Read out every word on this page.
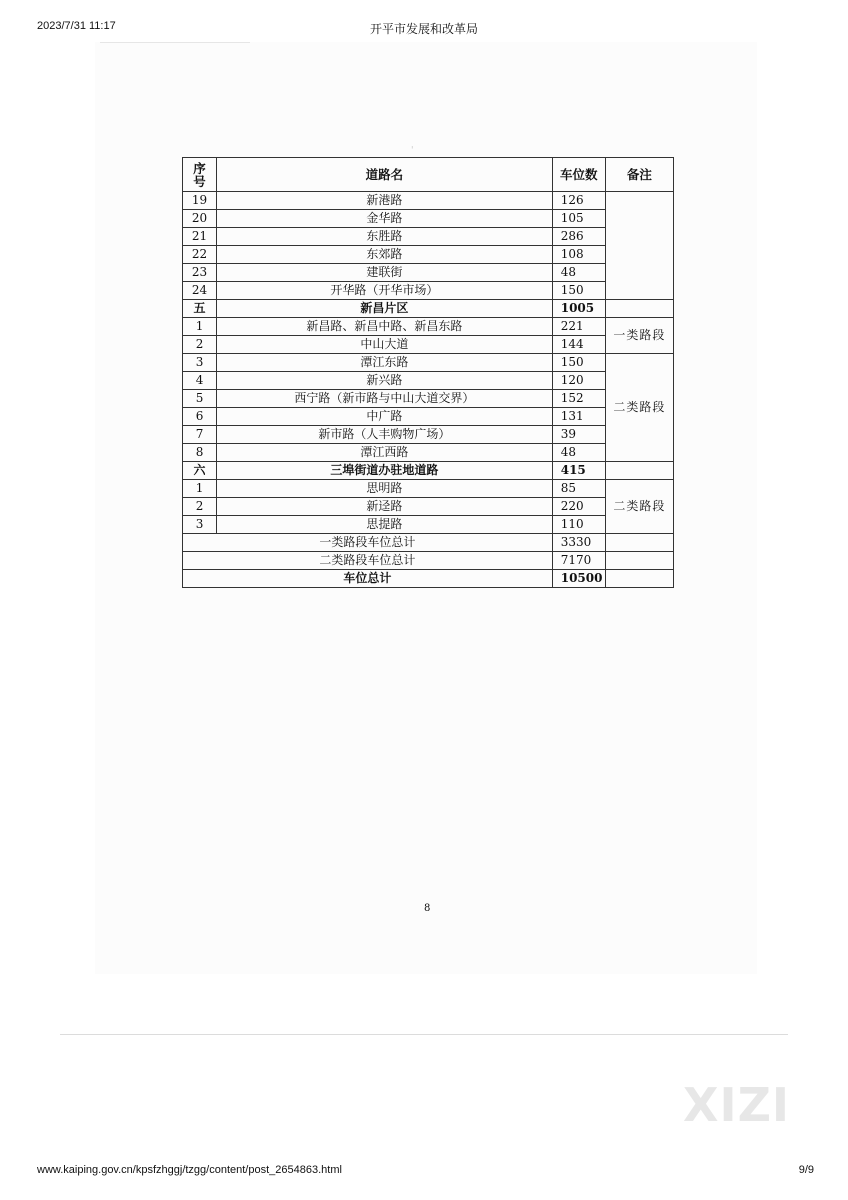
2023/7/31 11:17	开平市发展和改革局
'
序
号	道路名	车位数	备注
19	新港路	126	
20	金华路	105	
21	东胜路	286	
22	东郊路	108	
23	建联街	48	
24	开华路（开华市场）	150	
五	新昌片区	1005	
1	新昌路、新昌中路、新昌东路	221	一类路段
2	中山大道	144	
3	潭江东路	150	二类路段
4	新兴路	120	
5	西宁路（新市路与中山大道交界）	152	
6	中广路	131	
7	新市路（人丰购物广场）	39	
8	潭江西路	48	
六	三埠街道办驻地道路	415	
1	思明路	85	二类路段
2	新迳路	220	
3	思提路	110	
一类路段车位总计		3330	
二类路段车位总计		7170	
车位总计		10500	
8
XIZI
www.kaiping.gov.cn/kpsfzhggj/tzgg/content/post_2654863.html	9/9
